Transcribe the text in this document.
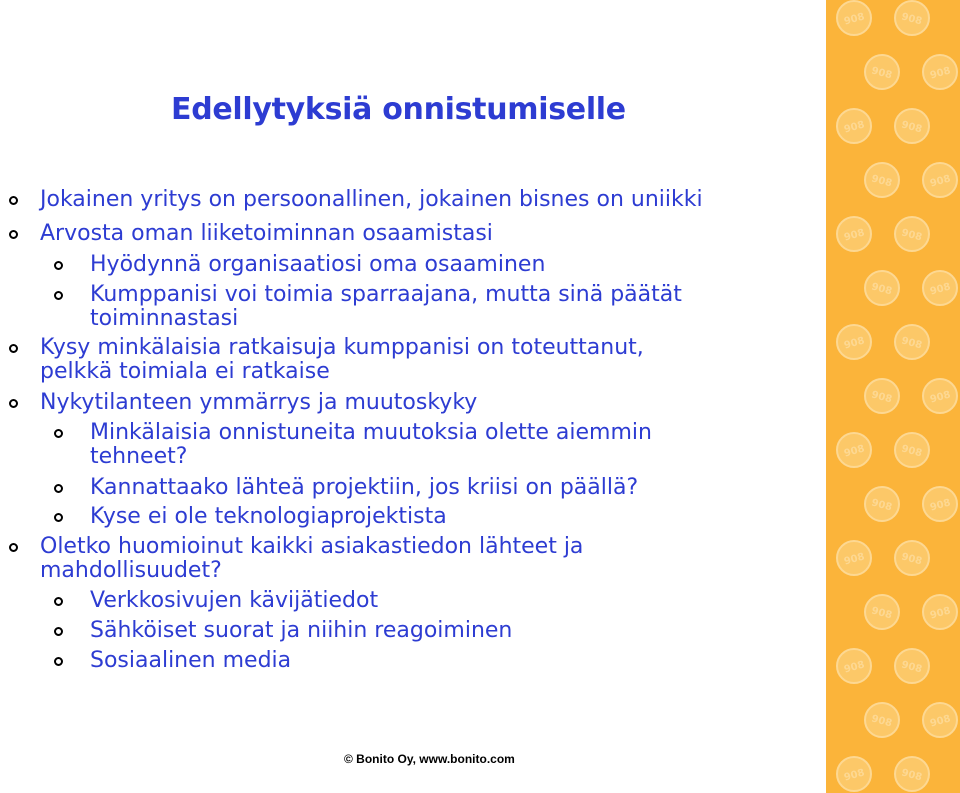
Edellytyksiä onnistumiselle
Jokainen yritys on persoonallinen, jokainen bisnes on uniikki
Arvosta oman liiketoiminnan osaamistasi
Hyödynnä organisaatiosi oma osaaminen
Kumppanisi voi toimia sparraajana, mutta sinä päätät
toiminnastasi
Kysy minkälaisia ratkaisuja kumppanisi on toteuttanut,
pelkkä toimiala ei ratkaise
Nykytilanteen ymmärrys ja muutoskyky
Minkälaisia onnistuneita muutoksia olette aiemmin
tehneet?
Kannattaako lähteä projektiin, jos kriisi on päällä?
Kyse ei ole teknologiaprojektista
Oletko huomioinut kaikki asiakastiedon lähteet ja
mahdollisuudet?
Verkkosivujen kävijätiedot
Sähköiset suorat ja niihin reagoiminen
Sosiaalinen media
© Bonito Oy, www.bonito.com
908	908
908	908
908	908
908	908
908	908
908	908
908	908
908	908
908	908
908	908
908	908
908	908
908	908
908	908
908	908
